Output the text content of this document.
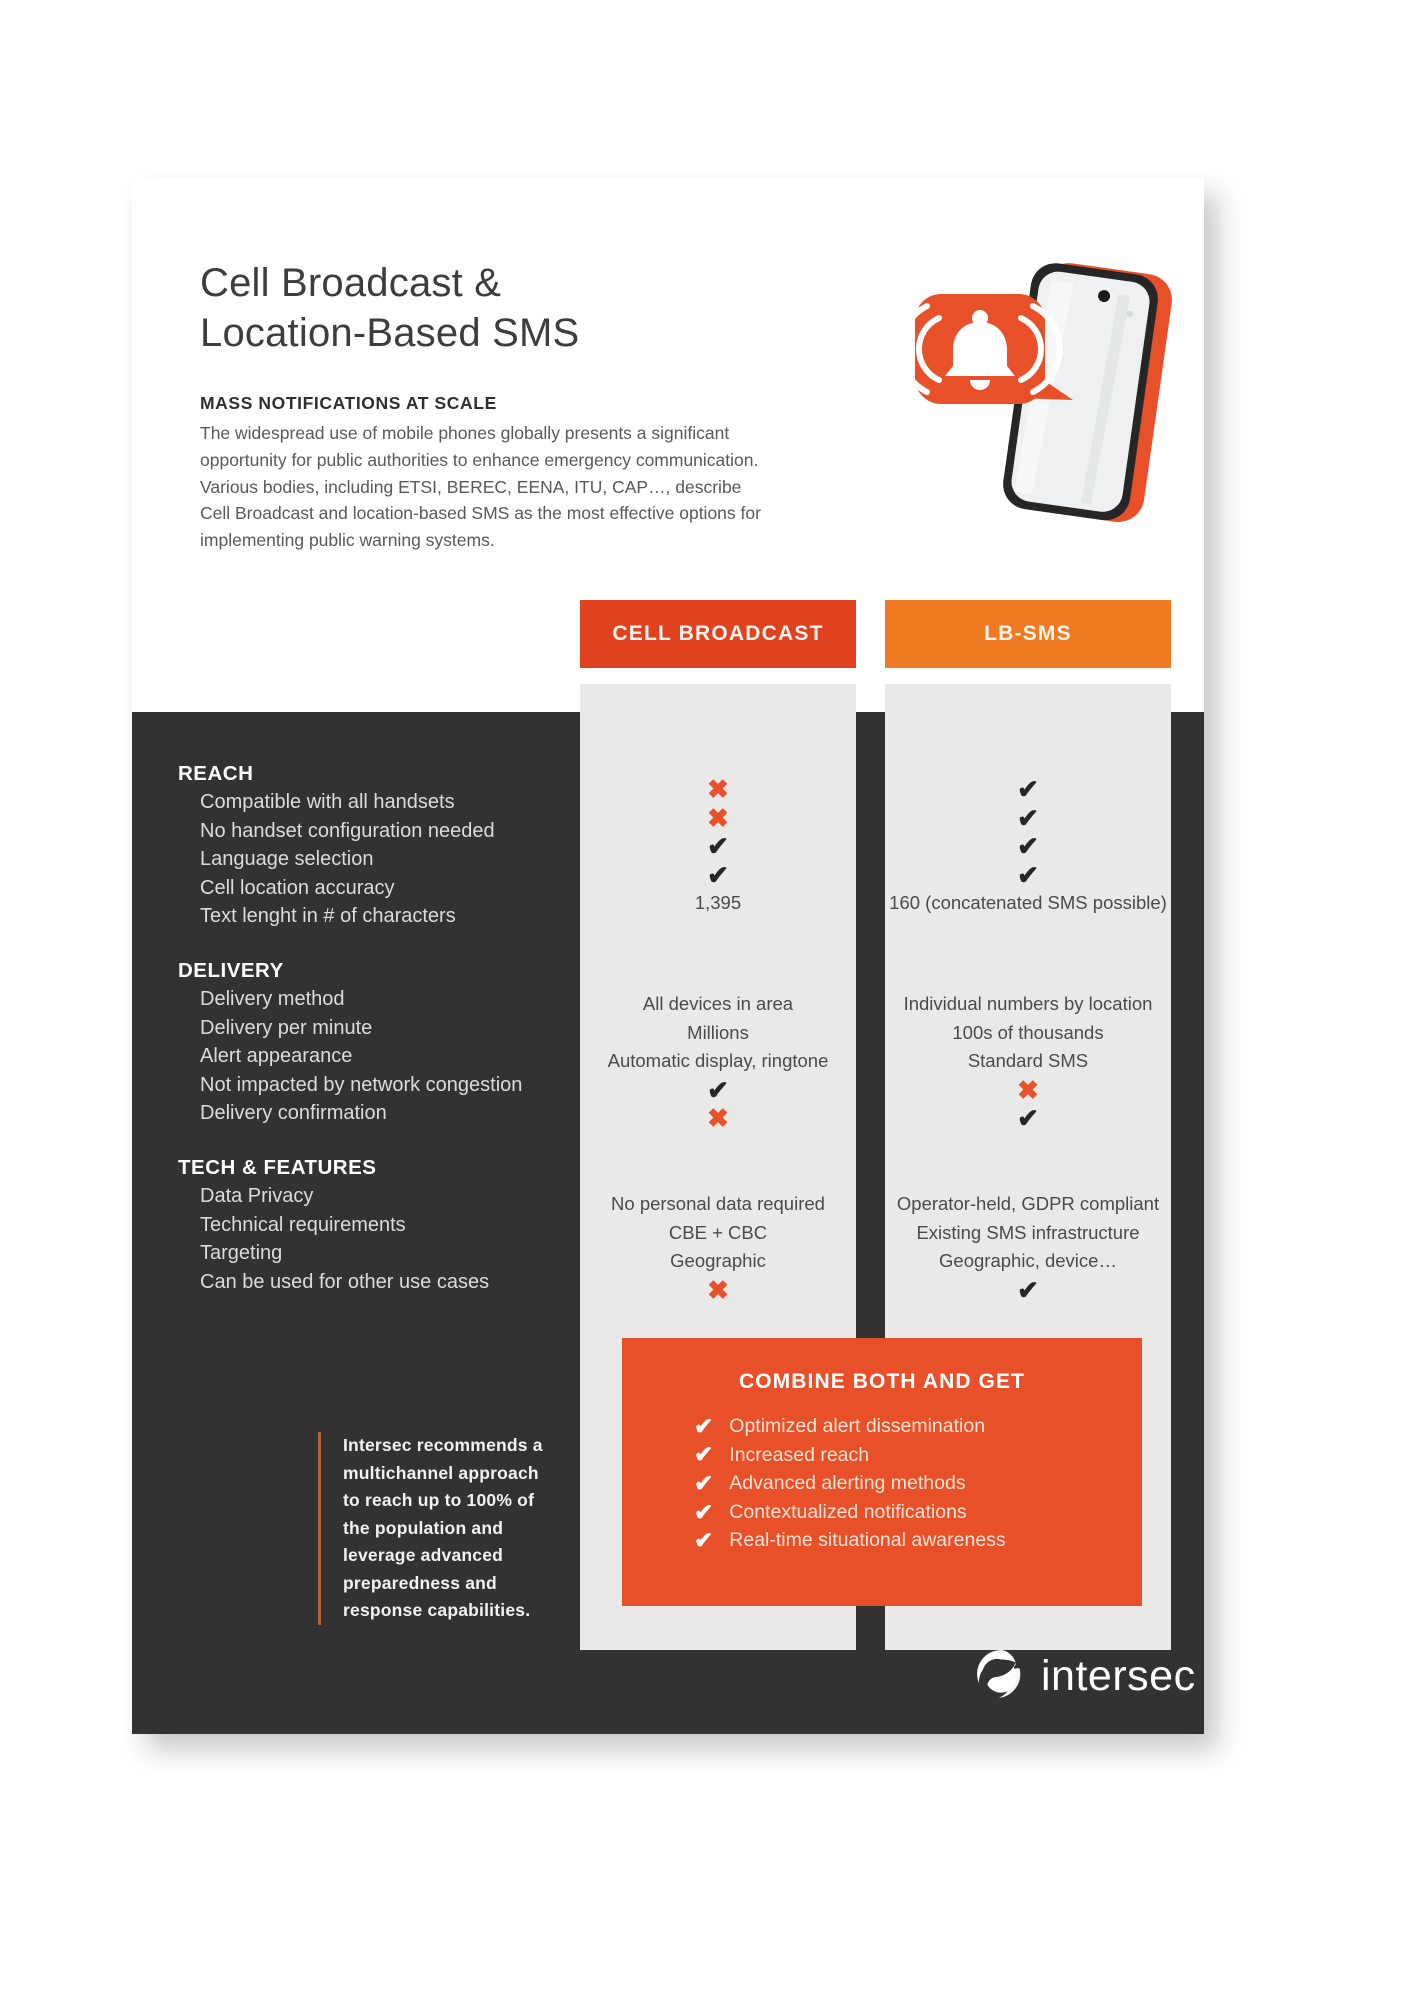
Cell Broadcast &
Location-Based SMS
MASS NOTIFICATIONS AT SCALE
The widespread use of mobile phones globally presents a significant opportunity for public authorities to enhance emergency communication. Various bodies, including ETSI, BEREC, EENA, ITU, CAP…, describe Cell Broadcast and location-based SMS as the most effective options for implementing public warning systems.
CELL BROADCAST	LB-SMS
REACH
Compatible with all handsets
No handset configuration needed
Language selection
Cell location accuracy
Text lenght in # of characters
DELIVERY
Delivery method
Delivery per minute
Alert appearance
Not impacted by network congestion
Delivery confirmation
TECH & FEATURES
Data Privacy
Technical requirements
Targeting
Can be used for other use cases
✖
✖
✔
✔
1,395
✔
✔
✔
✔
160 (concatenated SMS possible)
All devices in area
Millions
Automatic display, ringtone
✔
✖
Individual numbers by location
100s of thousands
Standard SMS
✖
✔
No personal data required
CBE + CBC
Geographic
✖
Operator-held, GDPR compliant
Existing SMS infrastructure
Geographic, device…
✔
COMBINE BOTH AND GET
✔ Optimized alert dissemination
✔ Increased reach
✔ Advanced alerting methods
✔ Contextualized notifications
✔ Real-time situational awareness
Intersec recommends a multichannel approach to reach up to 100% of the population and leverage advanced preparedness and response capabilities.
intersec
